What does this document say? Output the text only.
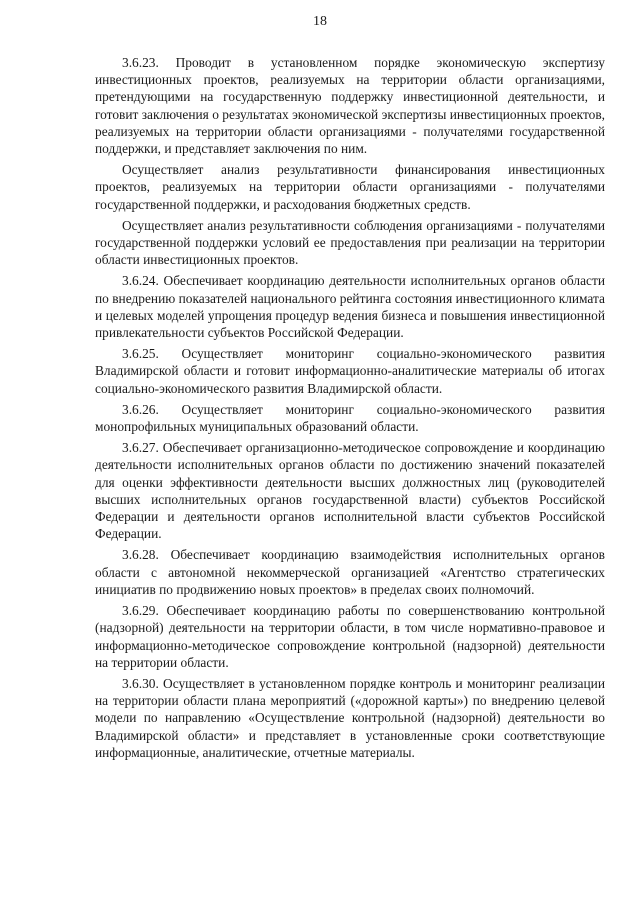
18

3.6.23. Проводит в установленном порядке экономическую экспертизу инвестиционных проектов, реализуемых на территории области организациями, претендующими на государственную поддержку инвестиционной деятельности, и готовит заключения о результатах экономической экспертизы инвестиционных проектов, реализуемых на территории области организациями - получателями государственной поддержки, и представляет заключения по ним.

Осуществляет анализ результативности финансирования инвестиционных проектов, реализуемых на территории области организациями - получателями государственной поддержки, и расходования бюджетных средств.

Осуществляет анализ результативности соблюдения организациями - получателями государственной поддержки условий ее предоставления при реализации на территории области инвестиционных проектов.

3.6.24. Обеспечивает координацию деятельности исполнительных органов области по внедрению показателей национального рейтинга состояния инвестиционного климата и целевых моделей упрощения процедур ведения бизнеса и повышения инвестиционной привлекательности субъектов Российской Федерации.

3.6.25. Осуществляет мониторинг социально-экономического развития Владимирской области и готовит информационно-аналитические материалы об итогах социально-экономического развития Владимирской области.

3.6.26. Осуществляет мониторинг социально-экономического развития монопрофильных муниципальных образований области.

3.6.27. Обеспечивает организационно-методическое сопровождение и координацию деятельности исполнительных органов области по достижению значений показателей для оценки эффективности деятельности высших должностных лиц (руководителей высших исполнительных органов государственной власти) субъектов Российской Федерации и деятельности органов исполнительной власти субъектов Российской Федерации.

3.6.28. Обеспечивает координацию взаимодействия исполнительных органов области с автономной некоммерческой организацией «Агентство стратегических инициатив по продвижению новых проектов» в пределах своих полномочий.

3.6.29. Обеспечивает координацию работы по совершенствованию контрольной (надзорной) деятельности на территории области, в том числе нормативно-правовое и информационно-методическое сопровождение контрольной (надзорной) деятельности на территории области.

3.6.30. Осуществляет в установленном порядке контроль и мониторинг реализации на территории области плана мероприятий («дорожной карты») по внедрению целевой модели по направлению «Осуществление контрольной (надзорной) деятельности во Владимирской области» и представляет в установленные сроки соответствующие информационные, аналитические, отчетные материалы.
